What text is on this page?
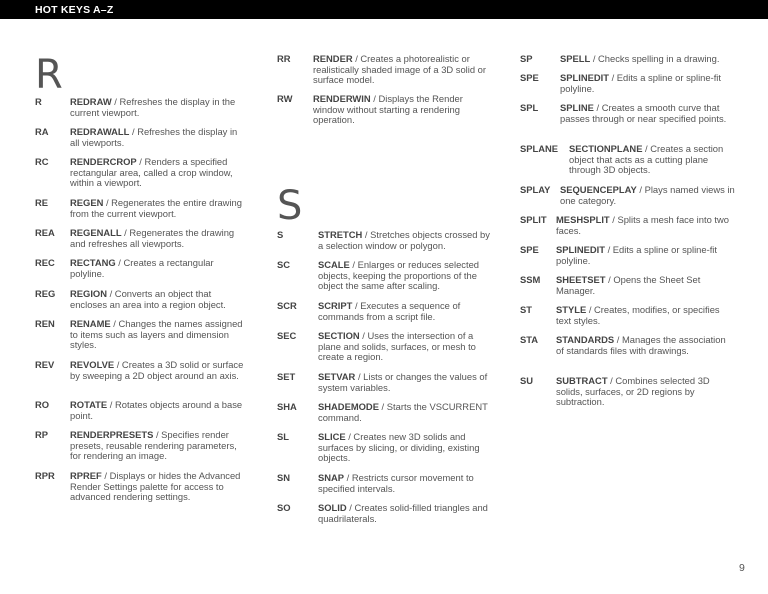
HOT KEYS A–Z
R
S
R	REDRAW / Refreshes the display in the current viewport.
RA REDRAWALL / Refreshes the display in all viewports.
RC RENDERCROP / Renders a specified rectangular area, called a crop window, within a viewport.
RE REGEN / Regenerates the entire drawing from the current viewport.
REA REGENALL / Regenerates the drawing and refreshes all viewports.
REC RECTANG / Creates a rectangular polyline.
REG REGION / Converts an object that encloses an area into a region object.
REN RENAME / Changes the names assigned to items such as layers and dimension styles.
REV REVOLVE / Creates a 3D solid or surface by sweeping a 2D object around an axis.
RO ROTATE / Rotates objects around a base point.
RP RENDERPRESETS / Specifies render presets, reusable rendering parameters, for rendering an image.
RPR RPREF / Displays or hides the Advanced Render Settings palette for access to advanced rendering settings.
RR RENDER / Creates a photorealistic or realistically shaded image of a 3D solid or surface model.
RW RENDERWIN / Displays the Render window without starting a rendering operation.
S	STRETCH / Stretches objects crossed by a selection window or polygon.
SC	SCALE / Enlarges or reduces selected objects, keeping the proportions of the object the same after scaling.
SCR SCRIPT / Executes a sequence of commands from a script file.
SEC SECTION / Uses the intersection of a plane and solids, surfaces, or mesh to create a region.
SET SETVAR / Lists or changes the values of system variables.
SHA SHADEMODE / Starts the VSCURRENT command.
SL	SLICE / Creates new 3D solids and surfaces by slicing, or dividing, existing objects.
SN	SNAP / Restricts cursor movement to specified intervals.
SO	SOLID / Creates solid-filled triangles and quadrilaterals.
SP	SPELL / Checks spelling in a drawing.
SPE SPLINEDIT / Edits a spline or spline-fit polyline.
SPL SPLINE / Creates a smooth curve that passes through or near specified points.
SPLANE SECTIONPLANE / Creates a section object that acts as a cutting plane through 3D objects.
SPLAY SEQUENCEPLAY / Plays named views in one category.
SPLIT MESHSPLIT / Splits a mesh face into two faces.
SPE SPLINEDIT / Edits a spline or spline-fit polyline.
SSM SHEETSET / Opens the Sheet Set Manager.
ST	STYLE / Creates, modifies, or specifies text styles.
STA STANDARDS / Manages the association of standards files with drawings.
SU SUBTRACT / Combines selected 3D solids, surfaces, or 2D regions by subtraction.
9
